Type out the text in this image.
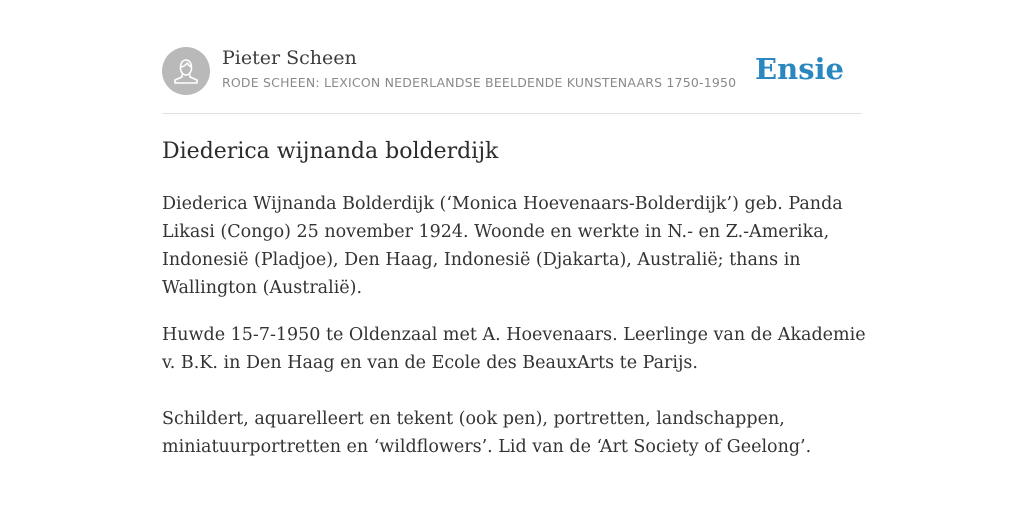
Pieter Scheen
RODE SCHEEN: LEXICON NEDERLANDSE BEELDENDE KUNSTENAARS 1750-1950 Ensie
Diederica wijnanda bolderdijk

Diederica Wijnanda Bolderdijk (‘Monica Hoevenaars-Bolderdijk’) geb. Panda Likasi (Congo) 25 november 1924. Woonde en werkte in N.- en Z.-Amerika, Indonesië (Pladjoe), Den Haag, Indonesië (Djakarta), Australië; thans in Wallington (Australië).

Huwde 15-7-1950 te Oldenzaal met A. Hoevenaars. Leerlinge van de Akademie v. B.K. in Den Haag en van de Ecole des BeauxArts te Parijs.

Schildert, aquarelleert en tekent (ook pen), portretten, landschappen, miniatuurportretten en ‘wildflowers’. Lid van de ‘Art Society of Geelong’.
